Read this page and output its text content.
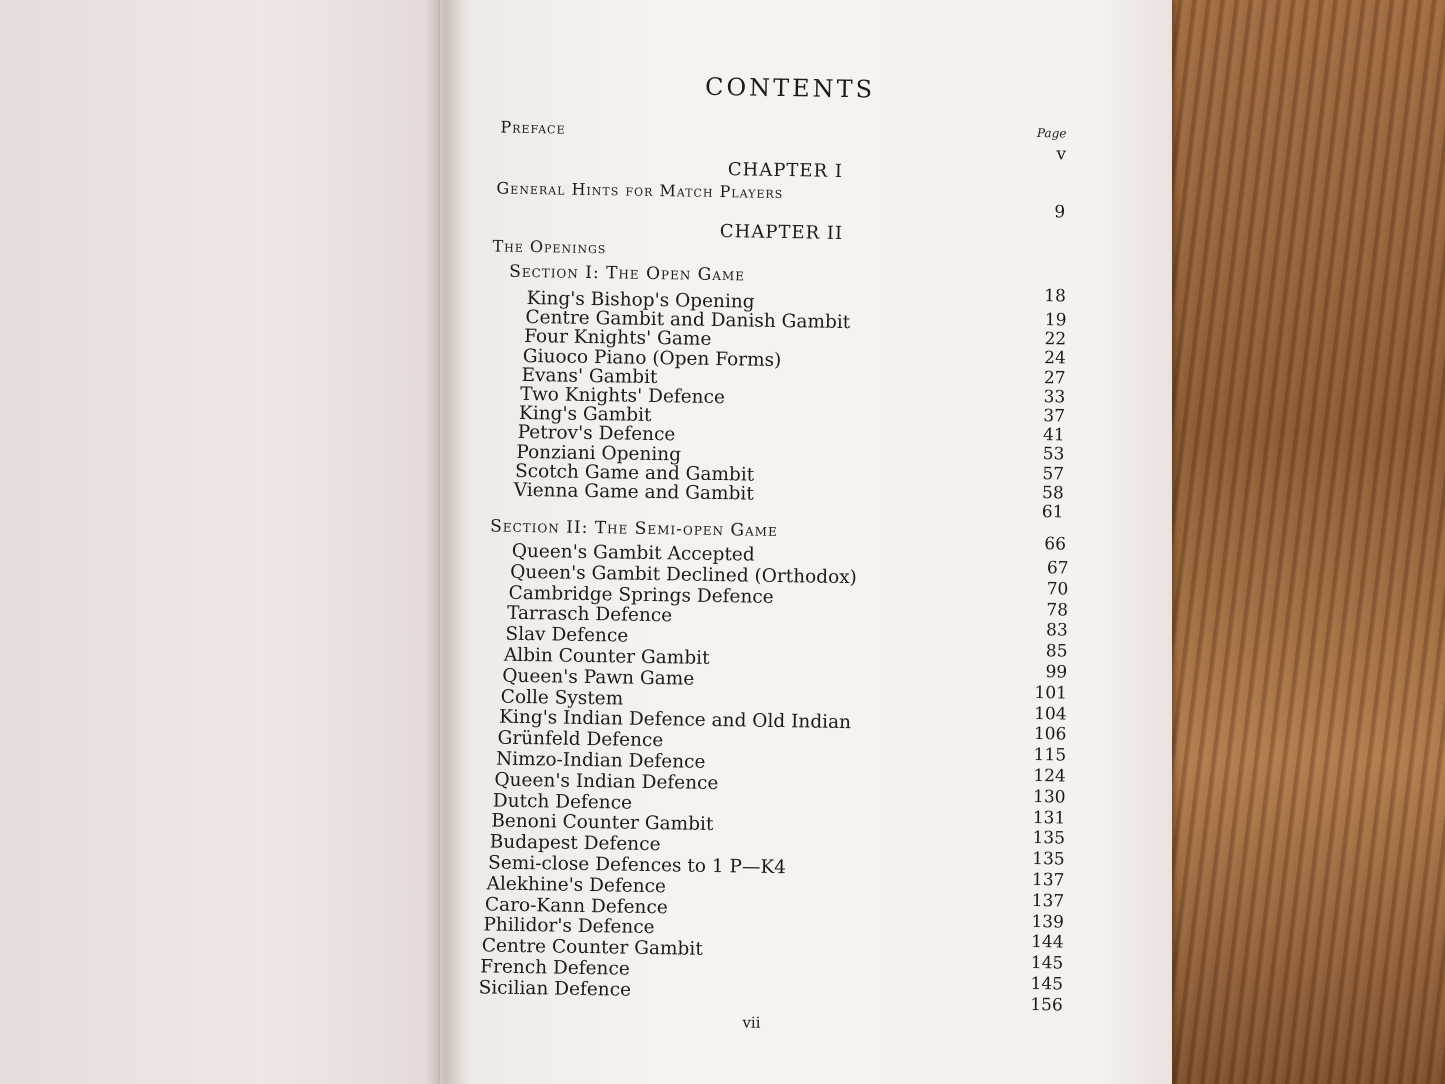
CONTENTS
Page
Preface
v
CHAPTER I
General Hints for Match Players
9
CHAPTER II
The Openings
Section I: The Open Game
18
King's Bishop's Opening
19
Centre Gambit and Danish Gambit
22
Four Knights' Game
24
Giuoco Piano (Open Forms)
27
Evans' Gambit
33
Two Knights' Defence
37
King's Gambit
41
Petrov's Defence
53
Ponziani Opening
57
Scotch Game and Gambit
58
Vienna Game and Gambit
61
Section II: The Semi-open Game
66
Queen's Gambit Accepted
67
Queen's Gambit Declined (Orthodox)
70
Cambridge Springs Defence
78
Tarrasch Defence
83
Slav Defence
85
Albin Counter Gambit
99
Queen's Pawn Game
101
Colle System
104
King's Indian Defence and Old Indian
106
Grünfeld Defence
115
Nimzo-Indian Defence
124
Queen's Indian Defence
130
Dutch Defence
131
Benoni Counter Gambit
135
Budapest Defence
135
Semi-close Defences to 1 P—K4
137
Alekhine's Defence
137
Caro-Kann Defence
139
Philidor's Defence
144
Centre Counter Gambit
145
French Defence
145
Sicilian Defence
156
vii
